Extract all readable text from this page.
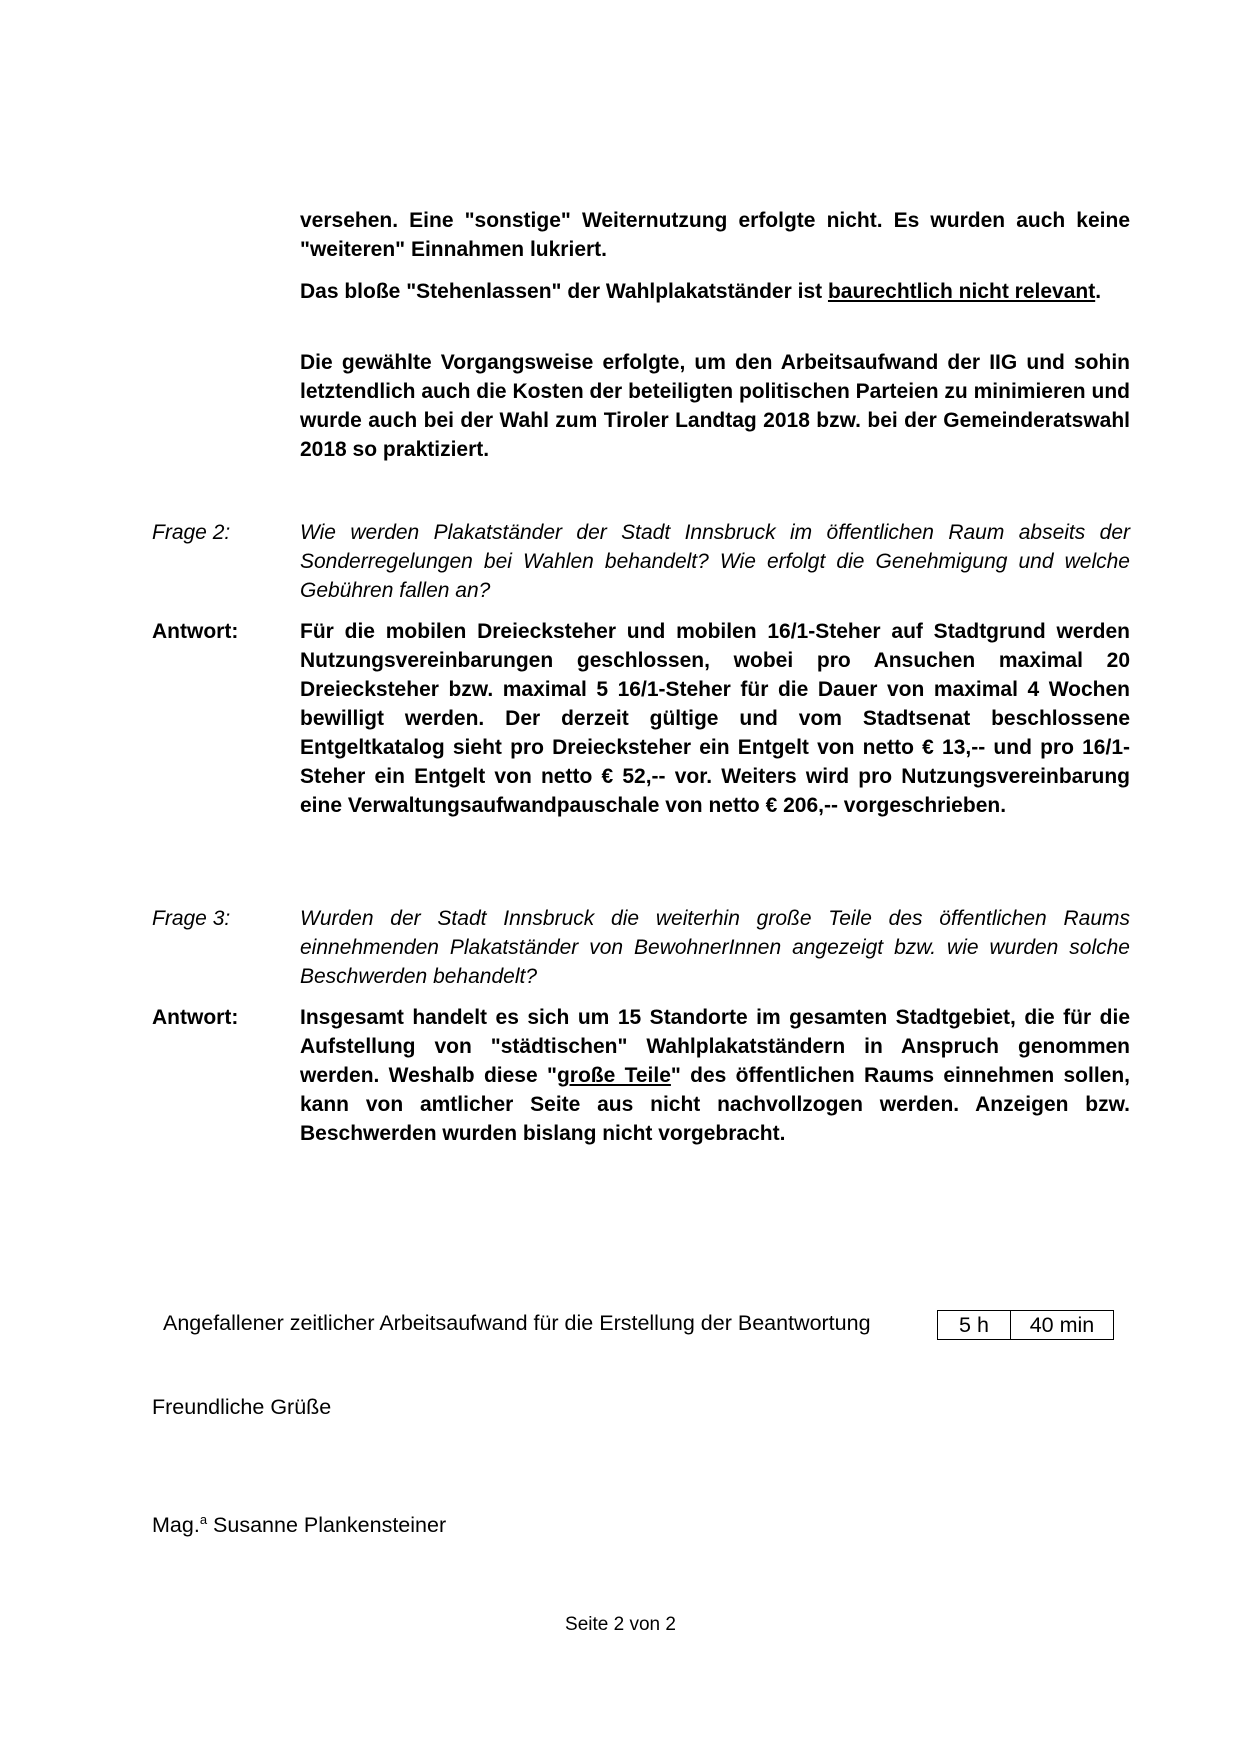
versehen. Eine "sonstige" Weiternutzung erfolgte nicht. Es wurden auch keine "weiteren" Einnahmen lukriert.

Das bloße "Stehenlassen" der Wahlplakatständer ist baurechtlich nicht relevant.

Die gewählte Vorgangsweise erfolgte, um den Arbeitsaufwand der IIG und sohin letztendlich auch die Kosten der beteiligten politischen Parteien zu minimieren und wurde auch bei der Wahl zum Tiroler Landtag 2018 bzw. bei der Gemeinderatswahl 2018 so praktiziert.

Frage 2:	Wie werden Plakatständer der Stadt Innsbruck im öffentlichen Raum abseits der Sonderregelungen bei Wahlen behandelt? Wie erfolgt die Genehmigung und welche Gebühren fallen an?
Antwort:	Für die mobilen Dreiecksteher und mobilen 16/1-Steher auf Stadtgrund werden Nutzungsvereinbarungen geschlossen, wobei pro Ansuchen maximal 20 Dreiecksteher bzw. maximal 5 16/1-Steher für die Dauer von maximal 4 Wochen bewilligt werden. Der derzeit gültige und vom Stadtsenat beschlossene Entgeltkatalog sieht pro Dreiecksteher ein Entgelt von netto € 13,-- und pro 16/1-Steher ein Entgelt von netto € 52,-- vor. Weiters wird pro Nutzungsvereinbarung eine Verwaltungsaufwandpauschale von netto € 206,-- vorgeschrieben.
Frage 3:	Wurden der Stadt Innsbruck die weiterhin große Teile des öffentlichen Raums einnehmenden Plakatständer von BewohnerInnen angezeigt bzw. wie wurden solche Beschwerden behandelt?
Antwort:	Insgesamt handelt es sich um 15 Standorte im gesamten Stadtgebiet, die für die Aufstellung von "städtischen" Wahlplakatständern in Anspruch genommen werden. Weshalb diese "große Teile" des öffentlichen Raums einnehmen sollen, kann von amtlicher Seite aus nicht nachvollzogen werden. Anzeigen bzw. Beschwerden wurden bislang nicht vorgebracht.
Angefallener zeitlicher Arbeitsaufwand für die Erstellung der Beantwortung	5 h	40 min
Freundliche Grüße
Mag.$^a$ Susanne Plankensteiner
Seite 2 von 2
